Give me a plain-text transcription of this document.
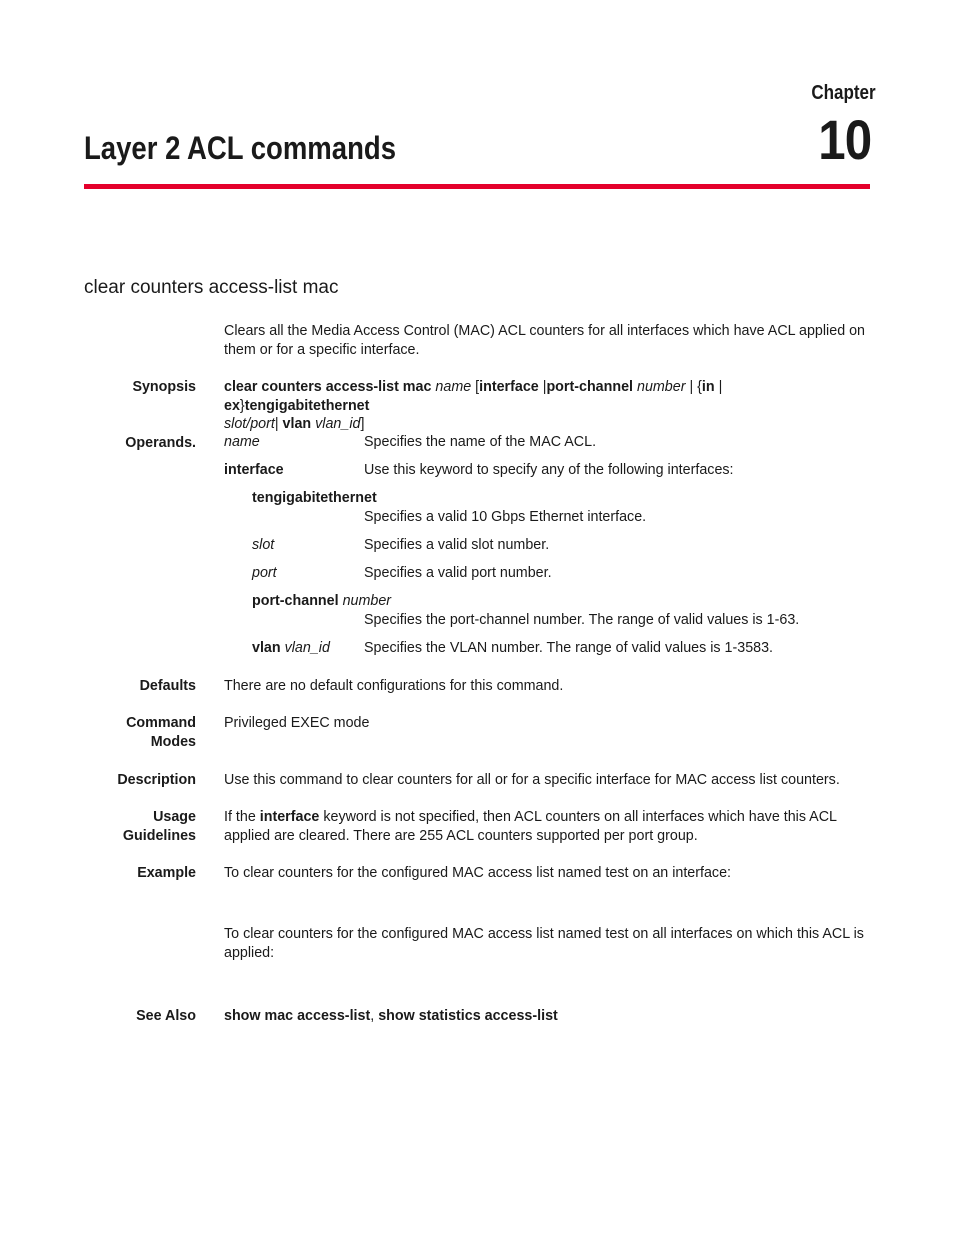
Chapter
10
Layer 2 ACL commands
clear counters access-list mac
Clears all the Media Access Control (MAC) ACL counters for all interfaces which have ACL applied on them or for a specific interface.
Synopsis clear counters access-list mac name [interface |port-channel number | {in | ex}tengigabitethernet
slot/port| vlan vlan_id]
Operands. name	Specifies the name of the MAC ACL.
interface	Use this keyword to specify any of the following interfaces:
tengigabitethernet
Specifies a valid 10 Gbps Ethernet interface.
slot	Specifies a valid slot number.
port	Specifies a valid port number.
port-channel number
Specifies the port-channel number. The range of valid values is 1-63.
vlan vlan_id Specifies the VLAN number. The range of valid values is 1-3583.
Defaults There are no default configurations for this command.
Command
Modes
Privileged EXEC mode
Description Use this command to clear counters for all or for a specific interface for MAC access list counters.
Usage
Guidelines
If the interface keyword is not specified, then ACL counters on all interfaces which have this ACL applied are cleared. There are 255 ACL counters supported per port group.
Example To clear counters for the configured MAC access list named test on an interface:
To clear counters for the configured MAC access list named test on all interfaces on which this ACL is applied:
See Also show mac access-list, show statistics access-list
